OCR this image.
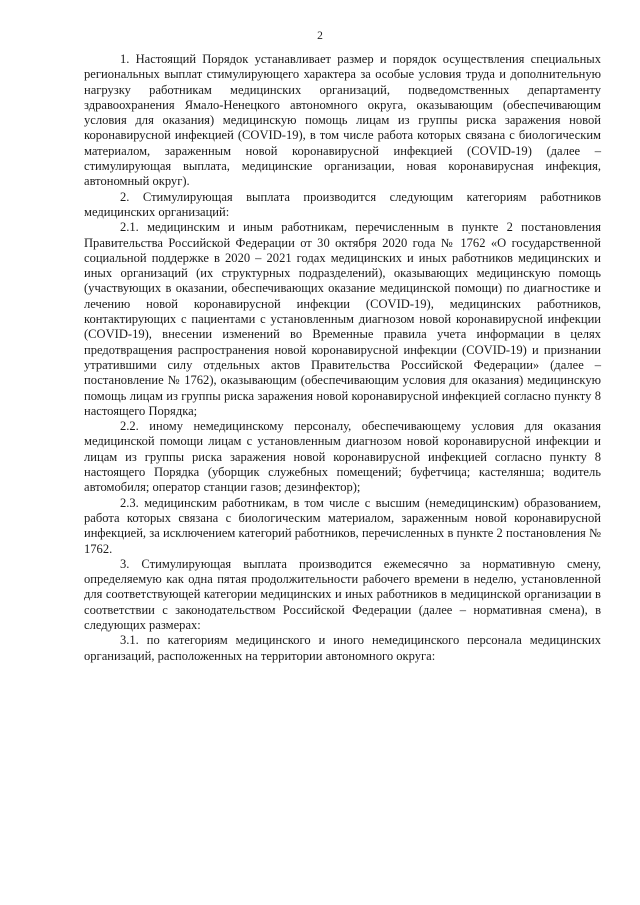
2

1. Настоящий Порядок устанавливает размер и порядок осуществления специальных региональных выплат стимулирующего характера за особые условия труда и дополнительную нагрузку работникам медицинских организаций, подведомственных департаменту здравоохранения Ямало-Ненецкого автономного округа, оказывающим (обеспечивающим условия для оказания) медицинскую помощь лицам из группы риска заражения новой коронавирусной инфекцией (COVID-19), в том числе работа которых связана с биологическим материалом, зараженным новой коронавирусной инфекцией (COVID-19) (далее – стимулирующая выплата, медицинские организации, новая коронавирусная инфекция, автономный округ).

2. Стимулирующая выплата производится следующим категориям работников медицинских организаций:

2.1. медицинским и иным работникам, перечисленным в пункте 2 постановления Правительства Российской Федерации от 30 октября 2020 года № 1762 «О государственной социальной поддержке в 2020 – 2021 годах медицинских и иных работников медицинских и иных организаций (их структурных подразделений), оказывающих медицинскую помощь (участвующих в оказании, обеспечивающих оказание медицинской помощи) по диагностике и лечению новой коронавирусной инфекции (COVID-19), медицинских работников, контактирующих с пациентами с установленным диагнозом новой коронавирусной инфекции (COVID-19), внесении изменений во Временные правила учета информации в целях предотвращения распространения новой коронавирусной инфекции (COVID-19) и признании утратившими силу отдельных актов Правительства Российской Федерации» (далее – постановление № 1762), оказывающим (обеспечивающим условия для оказания) медицинскую помощь лицам из группы риска заражения новой коронавирусной инфекцией согласно пункту 8 настоящего Порядка;

2.2. иному немедицинскому персоналу, обеспечивающему условия для оказания медицинской помощи лицам с установленным диагнозом новой коронавирусной инфекции и лицам из группы риска заражения новой коронавирусной инфекцией согласно пункту 8 настоящего Порядка (уборщик служебных помещений; буфетчица; кастелянша; водитель автомобиля; оператор станции газов; дезинфектор);

2.3. медицинским работникам, в том числе с высшим (немедицинским) образованием, работа которых связана с биологическим материалом, зараженным новой коронавирусной инфекцией, за исключением категорий работников, перечисленных в пункте 2 постановления № 1762.

3. Стимулирующая выплата производится ежемесячно за нормативную смену, определяемую как одна пятая продолжительности рабочего времени в неделю, установленной для соответствующей категории медицинских и иных работников в медицинской организации в соответствии с законодательством Российской Федерации (далее – нормативная смена), в следующих размерах:

3.1. по категориям медицинского и иного немедицинского персонала медицинских организаций, расположенных на территории автономного округа:
